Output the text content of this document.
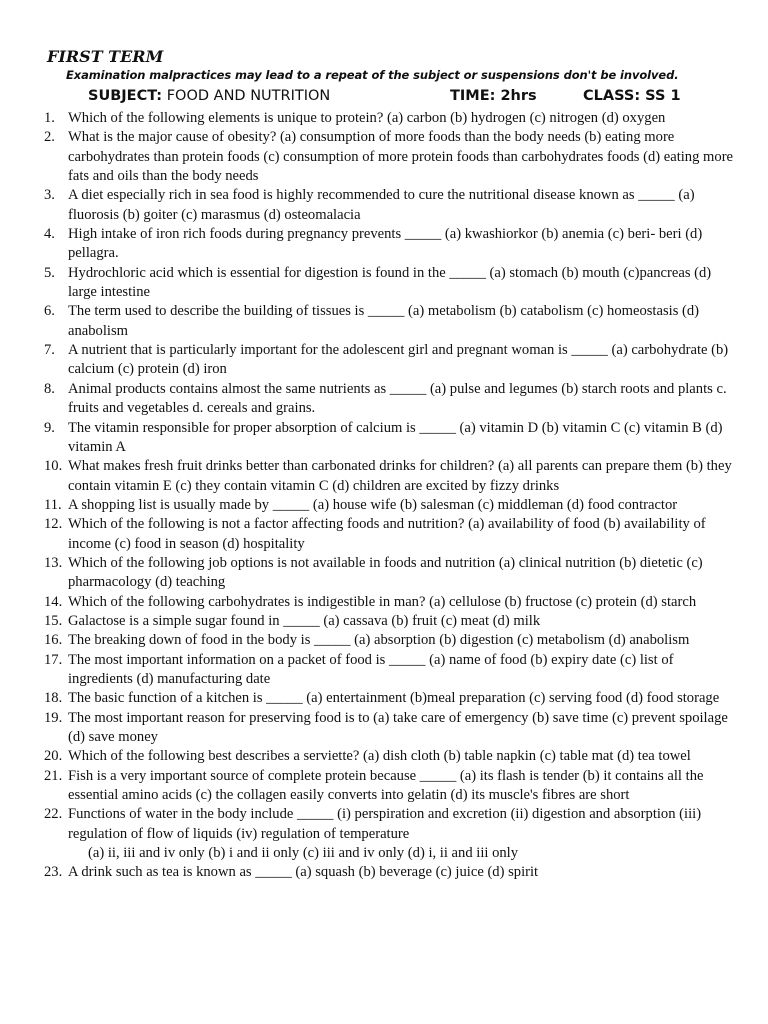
FIRST TERM
Examination malpractices may lead to a repeat of the subject or suspensions don't be involved.
SUBJECT: FOOD AND NUTRITION	TIME: 2hrs	CLASS: SS 1
1. Which of the following elements is unique to protein? (a) carbon (b) hydrogen (c) nitrogen (d) oxygen
2. What is the major cause of obesity? (a) consumption of more foods than the body needs (b) eating more carbohydrates than protein foods (c) consumption of more protein foods than carbohydrates foods (d) eating more fats and oils than the body needs
3. A diet especially rich in sea food is highly recommended to cure the nutritional disease known as _____ (a) fluorosis (b) goiter (c) marasmus (d) osteomalacia
4. High intake of iron rich foods during pregnancy prevents _____ (a) kwashiorkor (b) anemia (c) beri- beri (d) pellagra.
5. Hydrochloric acid which is essential for digestion is found in the _____ (a) stomach (b) mouth (c)pancreas (d) large intestine
6. The term used to describe the building of tissues is _____ (a) metabolism (b) catabolism (c) homeostasis (d) anabolism
7. A nutrient that is particularly important for the adolescent girl and pregnant woman is _____ (a) carbohydrate (b) calcium (c) protein (d) iron
8. Animal products contains almost the same nutrients as _____ (a) pulse and legumes (b) starch roots and plants c. fruits and vegetables d. cereals and grains.
9. The vitamin responsible for proper absorption of calcium is _____ (a) vitamin D (b) vitamin C (c) vitamin B (d) vitamin A
10. What makes fresh fruit drinks better than carbonated drinks for children? (a) all parents can prepare them (b) they contain vitamin E (c) they contain vitamin C (d) children are excited by fizzy drinks
11. A shopping list is usually made by _____ (a) house wife (b) salesman (c) middleman (d) food contractor
12. Which of the following is not a factor affecting foods and nutrition? (a) availability of food (b) availability of income (c) food in season (d) hospitality
13. Which of the following job options is not available in foods and nutrition (a) clinical nutrition (b) dietetic (c) pharmacology (d) teaching
14. Which of the following carbohydrates is indigestible in man? (a) cellulose (b) fructose (c) protein (d) starch
15. Galactose is a simple sugar found in _____ (a) cassava (b) fruit (c) meat (d) milk
16. The breaking down of food in the body is _____ (a) absorption (b) digestion (c) metabolism (d) anabolism
17. The most important information on a packet of food is _____ (a) name of food (b) expiry date (c) list of ingredients (d) manufacturing date
18. The basic function of a kitchen is _____ (a) entertainment (b)meal preparation (c) serving food (d) food storage
19. The most important reason for preserving food is to (a) take care of emergency (b) save time (c) prevent spoilage (d) save money
20. Which of the following best describes a serviette? (a) dish cloth (b) table napkin (c) table mat (d) tea towel
21. Fish is a very important source of complete protein because _____ (a) its flash is tender (b) it contains all the essential amino acids (c) the collagen easily converts into gelatin (d) its muscle's fibres are short
22. Functions of water in the body include _____ (i) perspiration and excretion (ii) digestion and absorption (iii) regulation of flow of liquids (iv) regulation of temperature
(a) ii, iii and iv only (b) i and ii only (c) iii and iv only (d) i, ii and iii only
23. A drink such as tea is known as _____ (a) squash (b) beverage (c) juice (d) spirit
